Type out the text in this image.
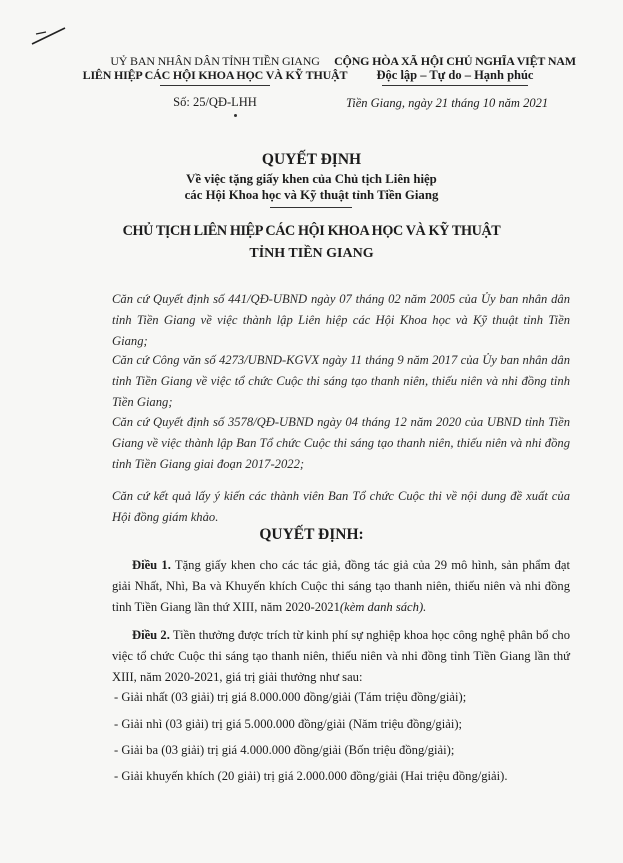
UỶ BAN NHÂN DÂN TỈNH TIỀN GIANG
LIÊN HIỆP CÁC HỘI KHOA HỌC VÀ KỸ THUẬT
Số: 25/QĐ-LHH
CỘNG HÒA XÃ HỘI CHỦ NGHĨA VIỆT NAM
Độc lập – Tự do – Hạnh phúc
Tiền Giang, ngày 21 tháng 10 năm 2021
QUYẾT ĐỊNH
Về việc tặng giấy khen của Chủ tịch Liên hiệp
các Hội Khoa học và Kỹ thuật tỉnh Tiền Giang
CHỦ TỊCH LIÊN HIỆP CÁC HỘI KHOA HỌC VÀ KỸ THUẬT
TỈNH TIỀN GIANG
Căn cứ Quyết định số 441/QĐ-UBND ngày 07 tháng 02 năm 2005 của Ủy ban nhân dân tỉnh Tiền Giang về việc thành lập Liên hiệp các Hội Khoa học và Kỹ thuật tỉnh Tiền Giang;
Căn cứ Công văn số 4273/UBND-KGVX ngày 11 tháng 9 năm 2017 của Ủy ban nhân dân tỉnh Tiền Giang về việc tổ chức Cuộc thi sáng tạo thanh niên, thiếu niên và nhi đồng tỉnh Tiền Giang;
Căn cứ Quyết định số 3578/QĐ-UBND ngày 04 tháng 12 năm 2020 của UBND tỉnh Tiền Giang về việc thành lập Ban Tổ chức Cuộc thi sáng tạo thanh niên, thiếu niên và nhi đồng tỉnh Tiền Giang giai đoạn 2017-2022;
Căn cứ kết quả lấy ý kiến các thành viên Ban Tổ chức Cuộc thi về nội dung đề xuất của Hội đồng giám khảo.
QUYẾT ĐỊNH:
Điều 1. Tặng giấy khen cho các tác giả, đồng tác giả của 29 mô hình, sản phẩm đạt giải Nhất, Nhì, Ba và Khuyến khích Cuộc thi sáng tạo thanh niên, thiếu niên và nhi đồng tỉnh Tiền Giang lần thứ XIII, năm 2020-2021(kèm danh sách).
Điều 2. Tiền thưởng được trích từ kinh phí sự nghiệp khoa học công nghệ phân bổ cho việc tổ chức Cuộc thi sáng tạo thanh niên, thiếu niên và nhi đồng tỉnh Tiền Giang lần thứ XIII, năm 2020-2021, giá trị giải thưởng như sau:
- Giải nhất (03 giải) trị giá 8.000.000 đồng/giải (Tám triệu đồng/giải);
- Giải nhì (03 giải) trị giá 5.000.000 đồng/giải (Năm triệu đồng/giải);
- Giải ba (03 giải) trị giá 4.000.000 đồng/giải (Bốn triệu đồng/giải);
- Giải khuyến khích (20 giải) trị giá 2.000.000 đồng/giải (Hai triệu đồng/giải).
